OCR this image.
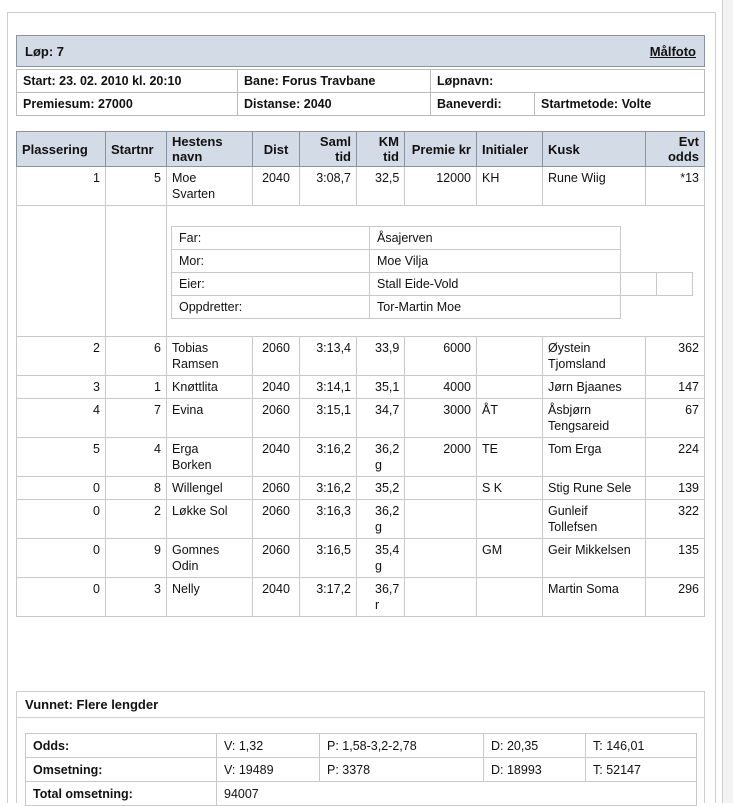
Løp: 7	Målfoto
Start: 23. 02. 2010 kl. 20:10	Bane: Forus Travbane	Løpnavn:	
Premiesum: 27000	Distanse: 2040	Baneverdi:	Startmetode: Volte
Plassering	Startnr	Hestens navn	Dist	Saml tid	KM tid	Premie kr	Initialer	Kusk	Evt odds
1	5	Moe Svarten	2040	3:08,7	32,5	12000	KH	Rune Wiig	*13

Far:	Åsajerven
Mor:	Moe Vilja
Eier:	Stall Eide-Vold		
Oppdretter:	Tor-Martin Moe

2	6	Tobias Ramsen	2060	3:13,4	33,9	6000		Øystein Tjomsland	362
3	1	Knøttlita	2040	3:14,1	35,1	4000		Jørn Bjaanes	147
4	7	Evina	2060	3:15,1	34,7	3000	ÅT	Åsbjørn Tengsareid	67
5	4	Erga Borken	2040	3:16,2	36,2 g	2000	TE	Tom Erga	224
0	8	Willengel	2060	3:16,2	35,2		S K	Stig Rune Sele	139
0	2	Løkke Sol	2060	3:16,3	36,2 g			Gunleif Tollefsen	322
0	9	Gomnes Odin	2060	3:16,5	35,4 g		GM	Geir Mikkelsen	135
0	3	Nelly	2040	3:17,2	36,7 r			Martin Soma	296
Vunnet: Flere lengder
Odds:	V: 1,32	P: 1,58-3,2-2,78	D: 20,35	T: 146,01
Omsetning:	V: 19489	P: 3378	D: 18993	T: 52147
Total omsetning:	94007			
